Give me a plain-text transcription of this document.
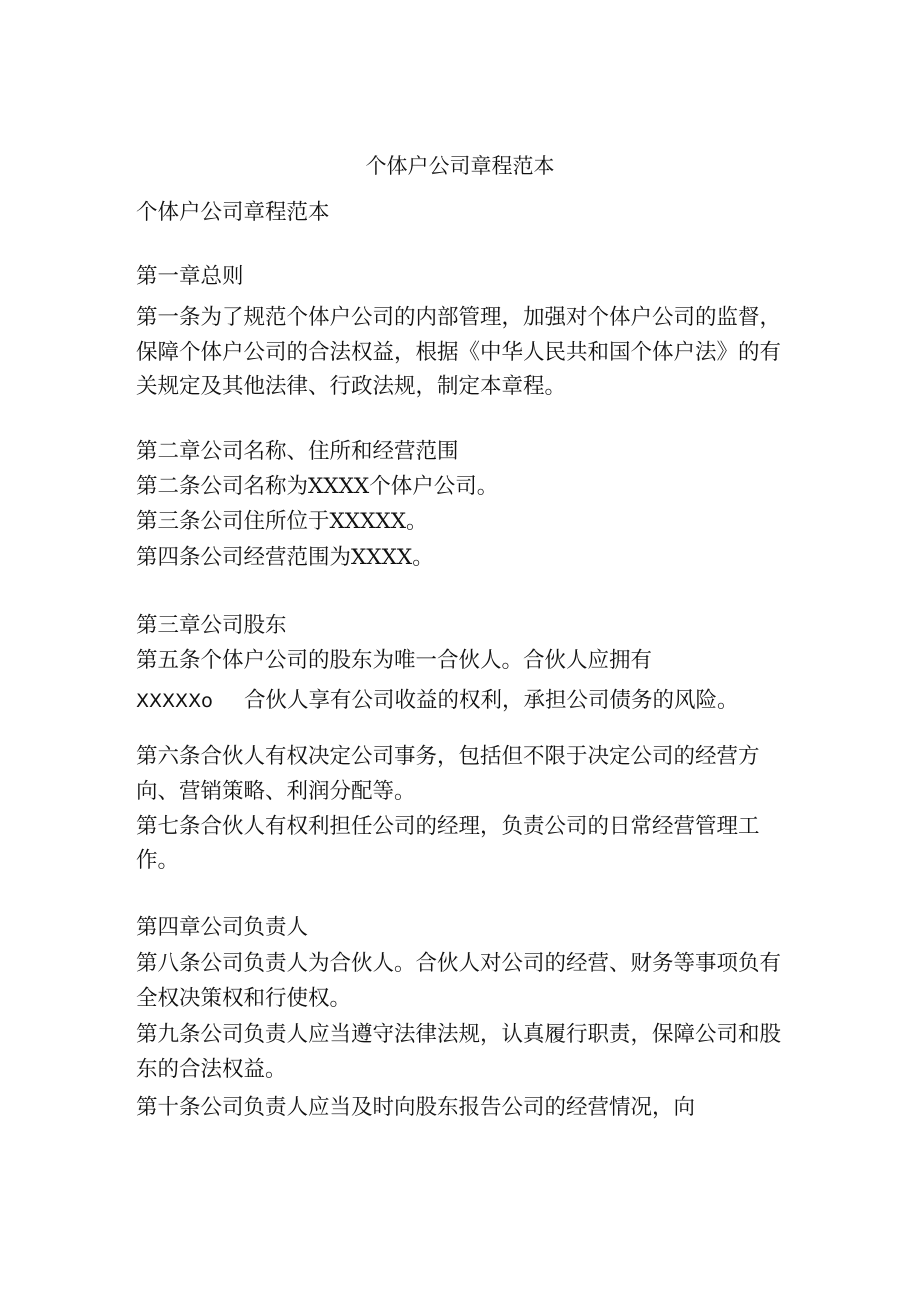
个体户公司章程范本
个体户公司章程范本
第一章总则
第一条为了规范个体户公司的内部管理，加强对个体户公司的监督，
保障个体户公司的合法权益，根据《中华人民共和国个体户法》的有
关规定及其他法律、行政法规，制定本章程。
第二章公司名称、住所和经营范围
第二条公司名称为XXXX个体户公司。
第三条公司住所位于XXXXX。
第四条公司经营范围为XXXX。
第三章公司股东
第五条个体户公司的股东为唯一合伙人。合伙人应拥有
XXXXXo 合伙人享有公司收益的权利，承担公司债务的风险。
第六条合伙人有权决定公司事务，包括但不限于决定公司的经营方
向、营销策略、利润分配等。
第七条合伙人有权利担任公司的经理，负责公司的日常经营管理工
作。
第四章公司负责人
第八条公司负责人为合伙人。合伙人对公司的经营、财务等事项负有
全权决策权和行使权。
第九条公司负责人应当遵守法律法规，认真履行职责，保障公司和股
东的合法权益。
第十条公司负责人应当及时向股东报告公司的经营情况，向
